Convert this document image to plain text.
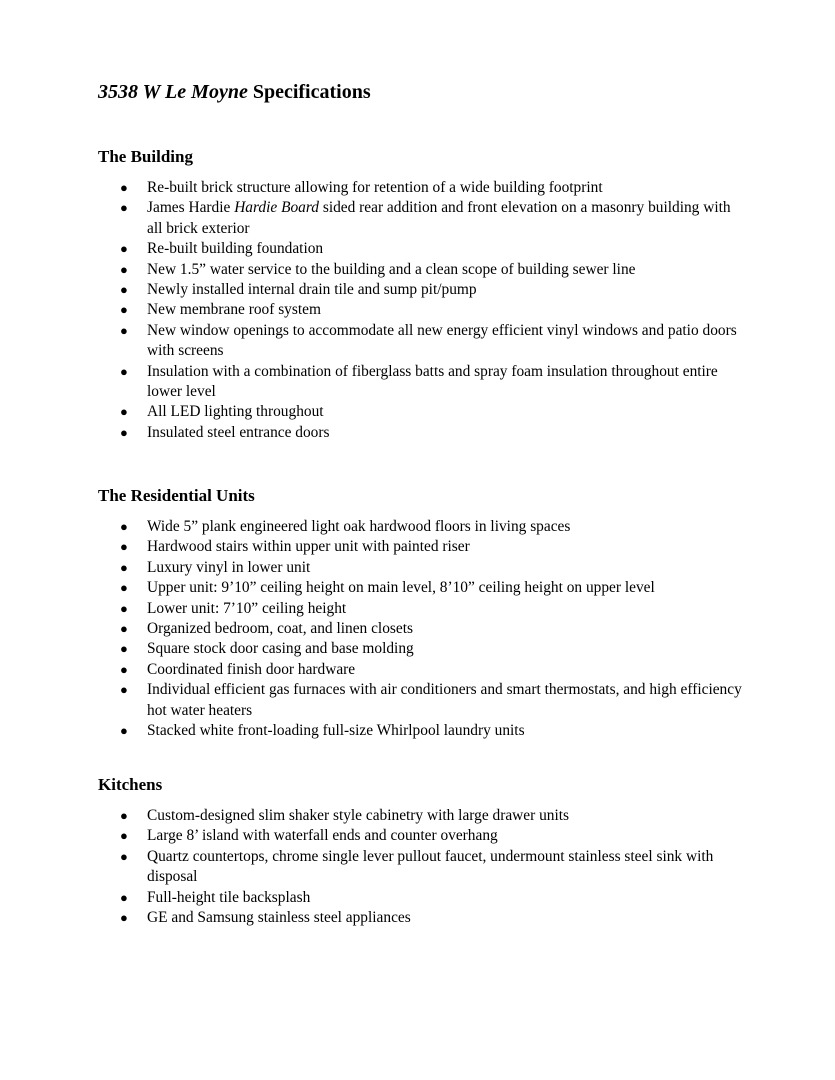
3538 W Le Moyne Specifications
The Building
● Re-built brick structure allowing for retention of a wide building footprint
● James Hardie Hardie Board sided rear addition and front elevation on a masonry building with all brick exterior
● Re-built building foundation
● New 1.5” water service to the building and a clean scope of building sewer line
● Newly installed internal drain tile and sump pit/pump
● New membrane roof system
● New window openings to accommodate all new energy efficient vinyl windows and patio doors with screens
● Insulation with a combination of fiberglass batts and spray foam insulation throughout entire lower level
● All LED lighting throughout
● Insulated steel entrance doors
The Residential Units
● Wide 5” plank engineered light oak hardwood floors in living spaces
● Hardwood stairs within upper unit with painted riser
● Luxury vinyl in lower unit
● Upper unit: 9’10” ceiling height on main level, 8’10” ceiling height on upper level
● Lower unit: 7’10” ceiling height
● Organized bedroom, coat, and linen closets
● Square stock door casing and base molding
● Coordinated finish door hardware
● Individual efficient gas furnaces with air conditioners and smart thermostats, and high efficiency hot water heaters
● Stacked white front-loading full-size Whirlpool laundry units
Kitchens
● Custom-designed slim shaker style cabinetry with large drawer units
● Large 8’ island with waterfall ends and counter overhang
● Quartz countertops, chrome single lever pullout faucet, undermount stainless steel sink with disposal
● Full-height tile backsplash
● GE and Samsung stainless steel appliances
